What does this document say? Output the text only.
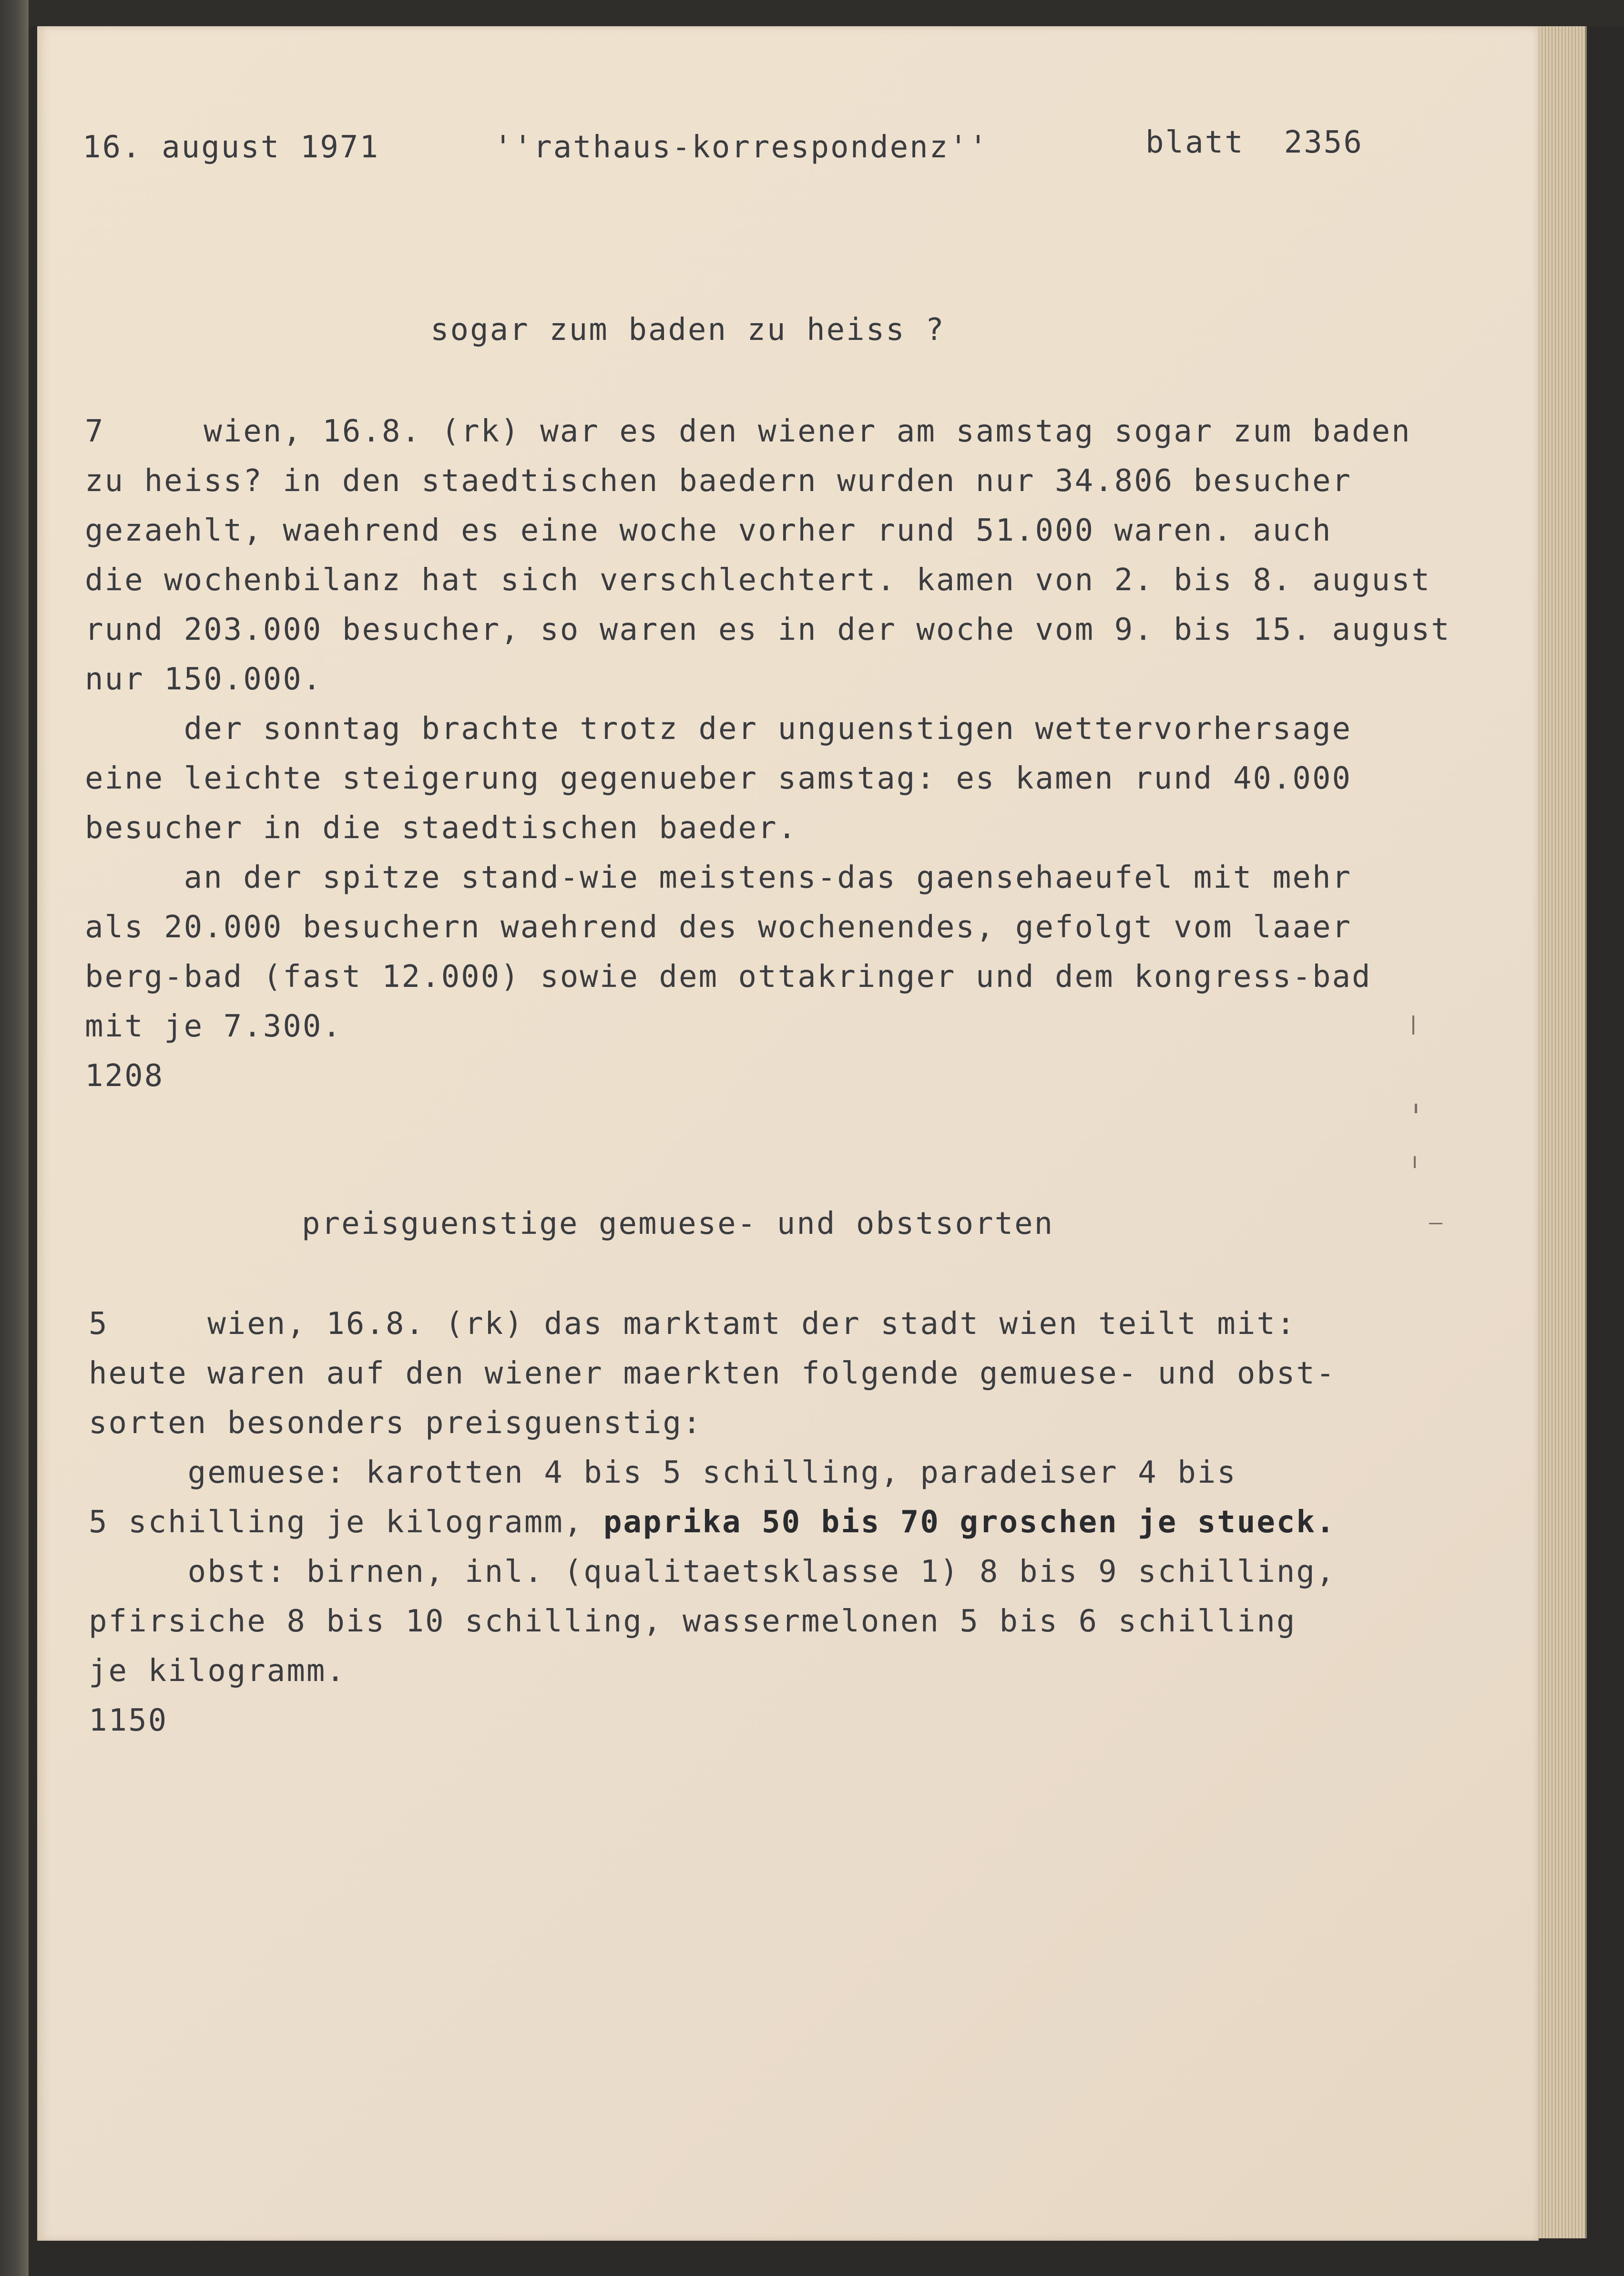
16. august 1971	''rathaus-korrespondenz''	blatt  2356
sogar zum baden zu heiss ?
7     wien, 16.8. (rk) war es den wiener am samstag sogar zum baden
zu heiss? in den staedtischen baedern wurden nur 34.806 besucher
gezaehlt, waehrend es eine woche vorher rund 51.000 waren. auch
die wochenbilanz hat sich verschlechtert. kamen von 2. bis 8. august
rund 203.000 besucher, so waren es in der woche vom 9. bis 15. august
nur 150.000.
der sonntag brachte trotz der unguenstigen wettervorhersage
eine leichte steigerung gegenueber samstag: es kamen rund 40.000
besucher in die staedtischen baeder.
an der spitze stand-wie meistens-das gaensehaeufel mit mehr
als 20.000 besuchern waehrend des wochenendes, gefolgt vom laaer
berg-bad (fast 12.000) sowie dem ottakringer und dem kongress-bad
mit je 7.300.
1208
preisguenstige gemuese- und obstsorten
5     wien, 16.8. (rk) das marktamt der stadt wien teilt mit:
heute waren auf den wiener maerkten folgende gemuese- und obst-
sorten besonders preisguenstig:
gemuese: karotten 4 bis 5 schilling, paradeiser 4 bis
5 schilling je kilogramm, paprika 50 bis 70 groschen je stueck.
obst: birnen, inl. (qualitaetsklasse 1) 8 bis 9 schilling,
pfirsiche 8 bis 10 schilling, wassermelonen 5 bis 6 schilling
je kilogramm.
1150
